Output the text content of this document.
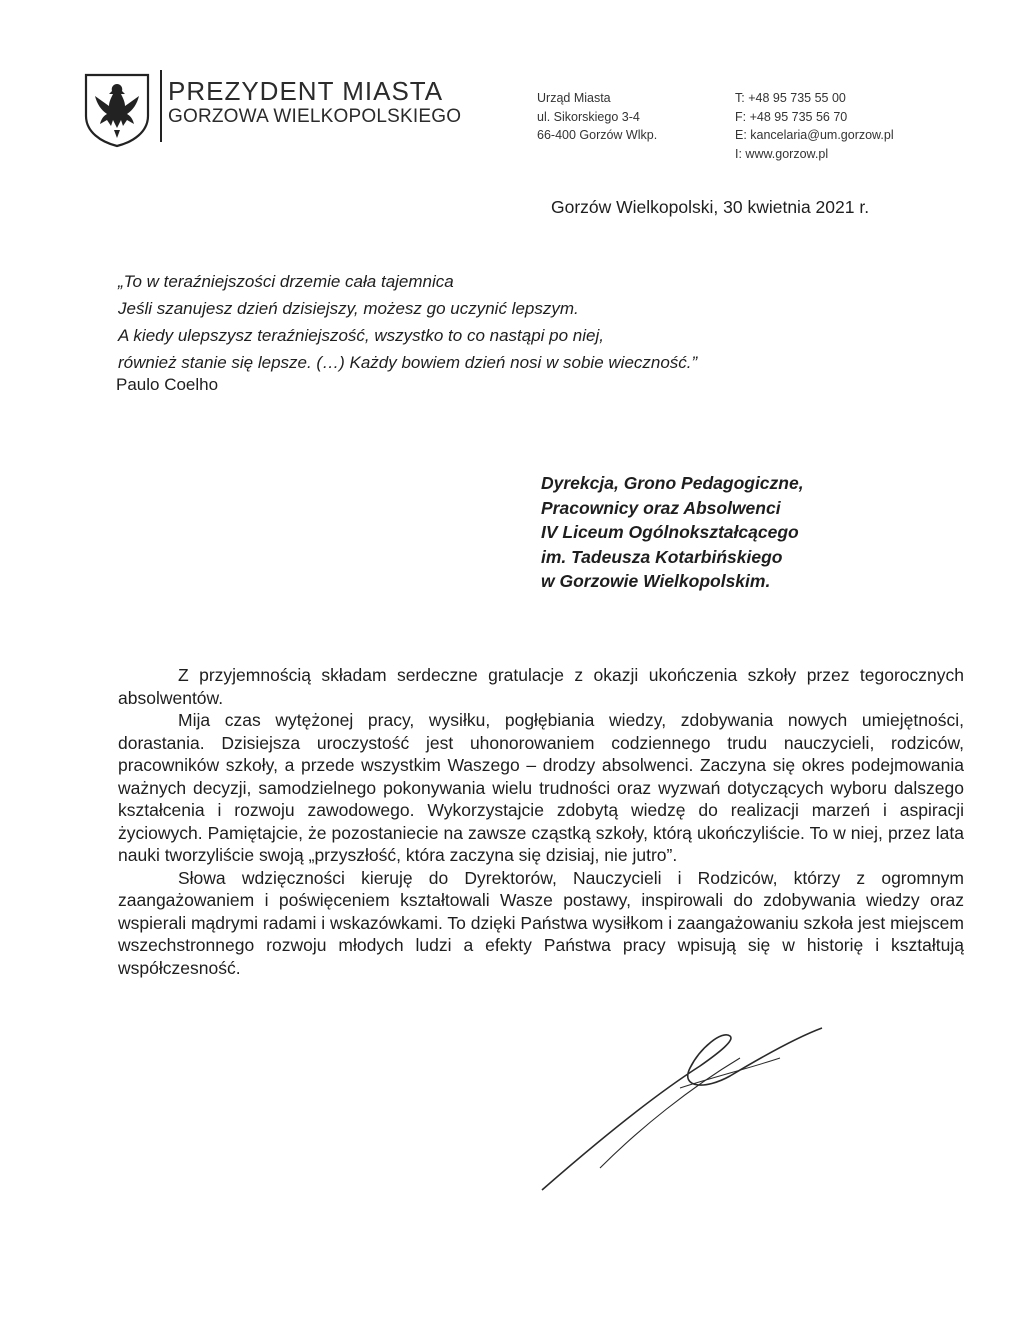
PREZYDENT MIASTA
GORZOWA WIELKOPOLSKIEGO
Urząd Miasta
ul. Sikorskiego 3-4
66-400 Gorzów Wlkp.
T: +48 95 735 55 00
F: +48 95 735 56 70
E: kancelaria@um.gorzow.pl
I: www.gorzow.pl
Gorzów Wielkopolski, 30 kwietnia 2021 r.
„To w teraźniejszości drzemie cała tajemnica
Jeśli szanujesz dzień dzisiejszy, możesz go uczynić lepszym.
A kiedy ulepszysz teraźniejszość, wszystko to co nastąpi po niej,
również stanie się lepsze. (…) Każdy bowiem dzień nosi w sobie wieczność.”
Paulo Coelho
Dyrekcja, Grono Pedagogiczne,
Pracownicy oraz Absolwenci
IV Liceum Ogólnokształcącego
im. Tadeusza Kotarbińskiego
w Gorzowie Wielkopolskim.

Z przyjemnością składam serdeczne gratulacje z okazji ukończenia szkoły przez tegorocznych absolwentów.

Mija czas wytężonej pracy, wysiłku, pogłębiania wiedzy, zdobywania nowych umiejętności, dorastania. Dzisiejsza uroczystość jest uhonorowaniem codziennego trudu nauczycieli, rodziców, pracowników szkoły, a przede wszystkim Waszego – drodzy absolwenci. Zaczyna się okres podejmowania ważnych decyzji, samodzielnego pokonywania wielu trudności oraz wyzwań dotyczących wyboru dalszego kształcenia i rozwoju zawodowego. Wykorzystajcie zdobytą wiedzę do realizacji marzeń i aspiracji życiowych. Pamiętajcie, że pozostaniecie na zawsze cząstką szkoły, którą ukończyliście. To w niej, przez lata nauki tworzyliście swoją „przyszłość, która zaczyna się dzisiaj, nie jutro”.

Słowa wdzięczności kieruję do Dyrektorów, Nauczycieli i Rodziców, którzy z ogromnym zaangażowaniem i poświęceniem kształtowali Wasze postawy, inspirowali do zdobywania wiedzy oraz wspierali mądrymi radami i wskazówkami. To dzięki Państwa wysiłkom i zaangażowaniu szkoła jest miejscem wszechstronnego rozwoju młodych ludzi a efekty Państwa pracy wpisują się w historię i kształtują współczesność.
